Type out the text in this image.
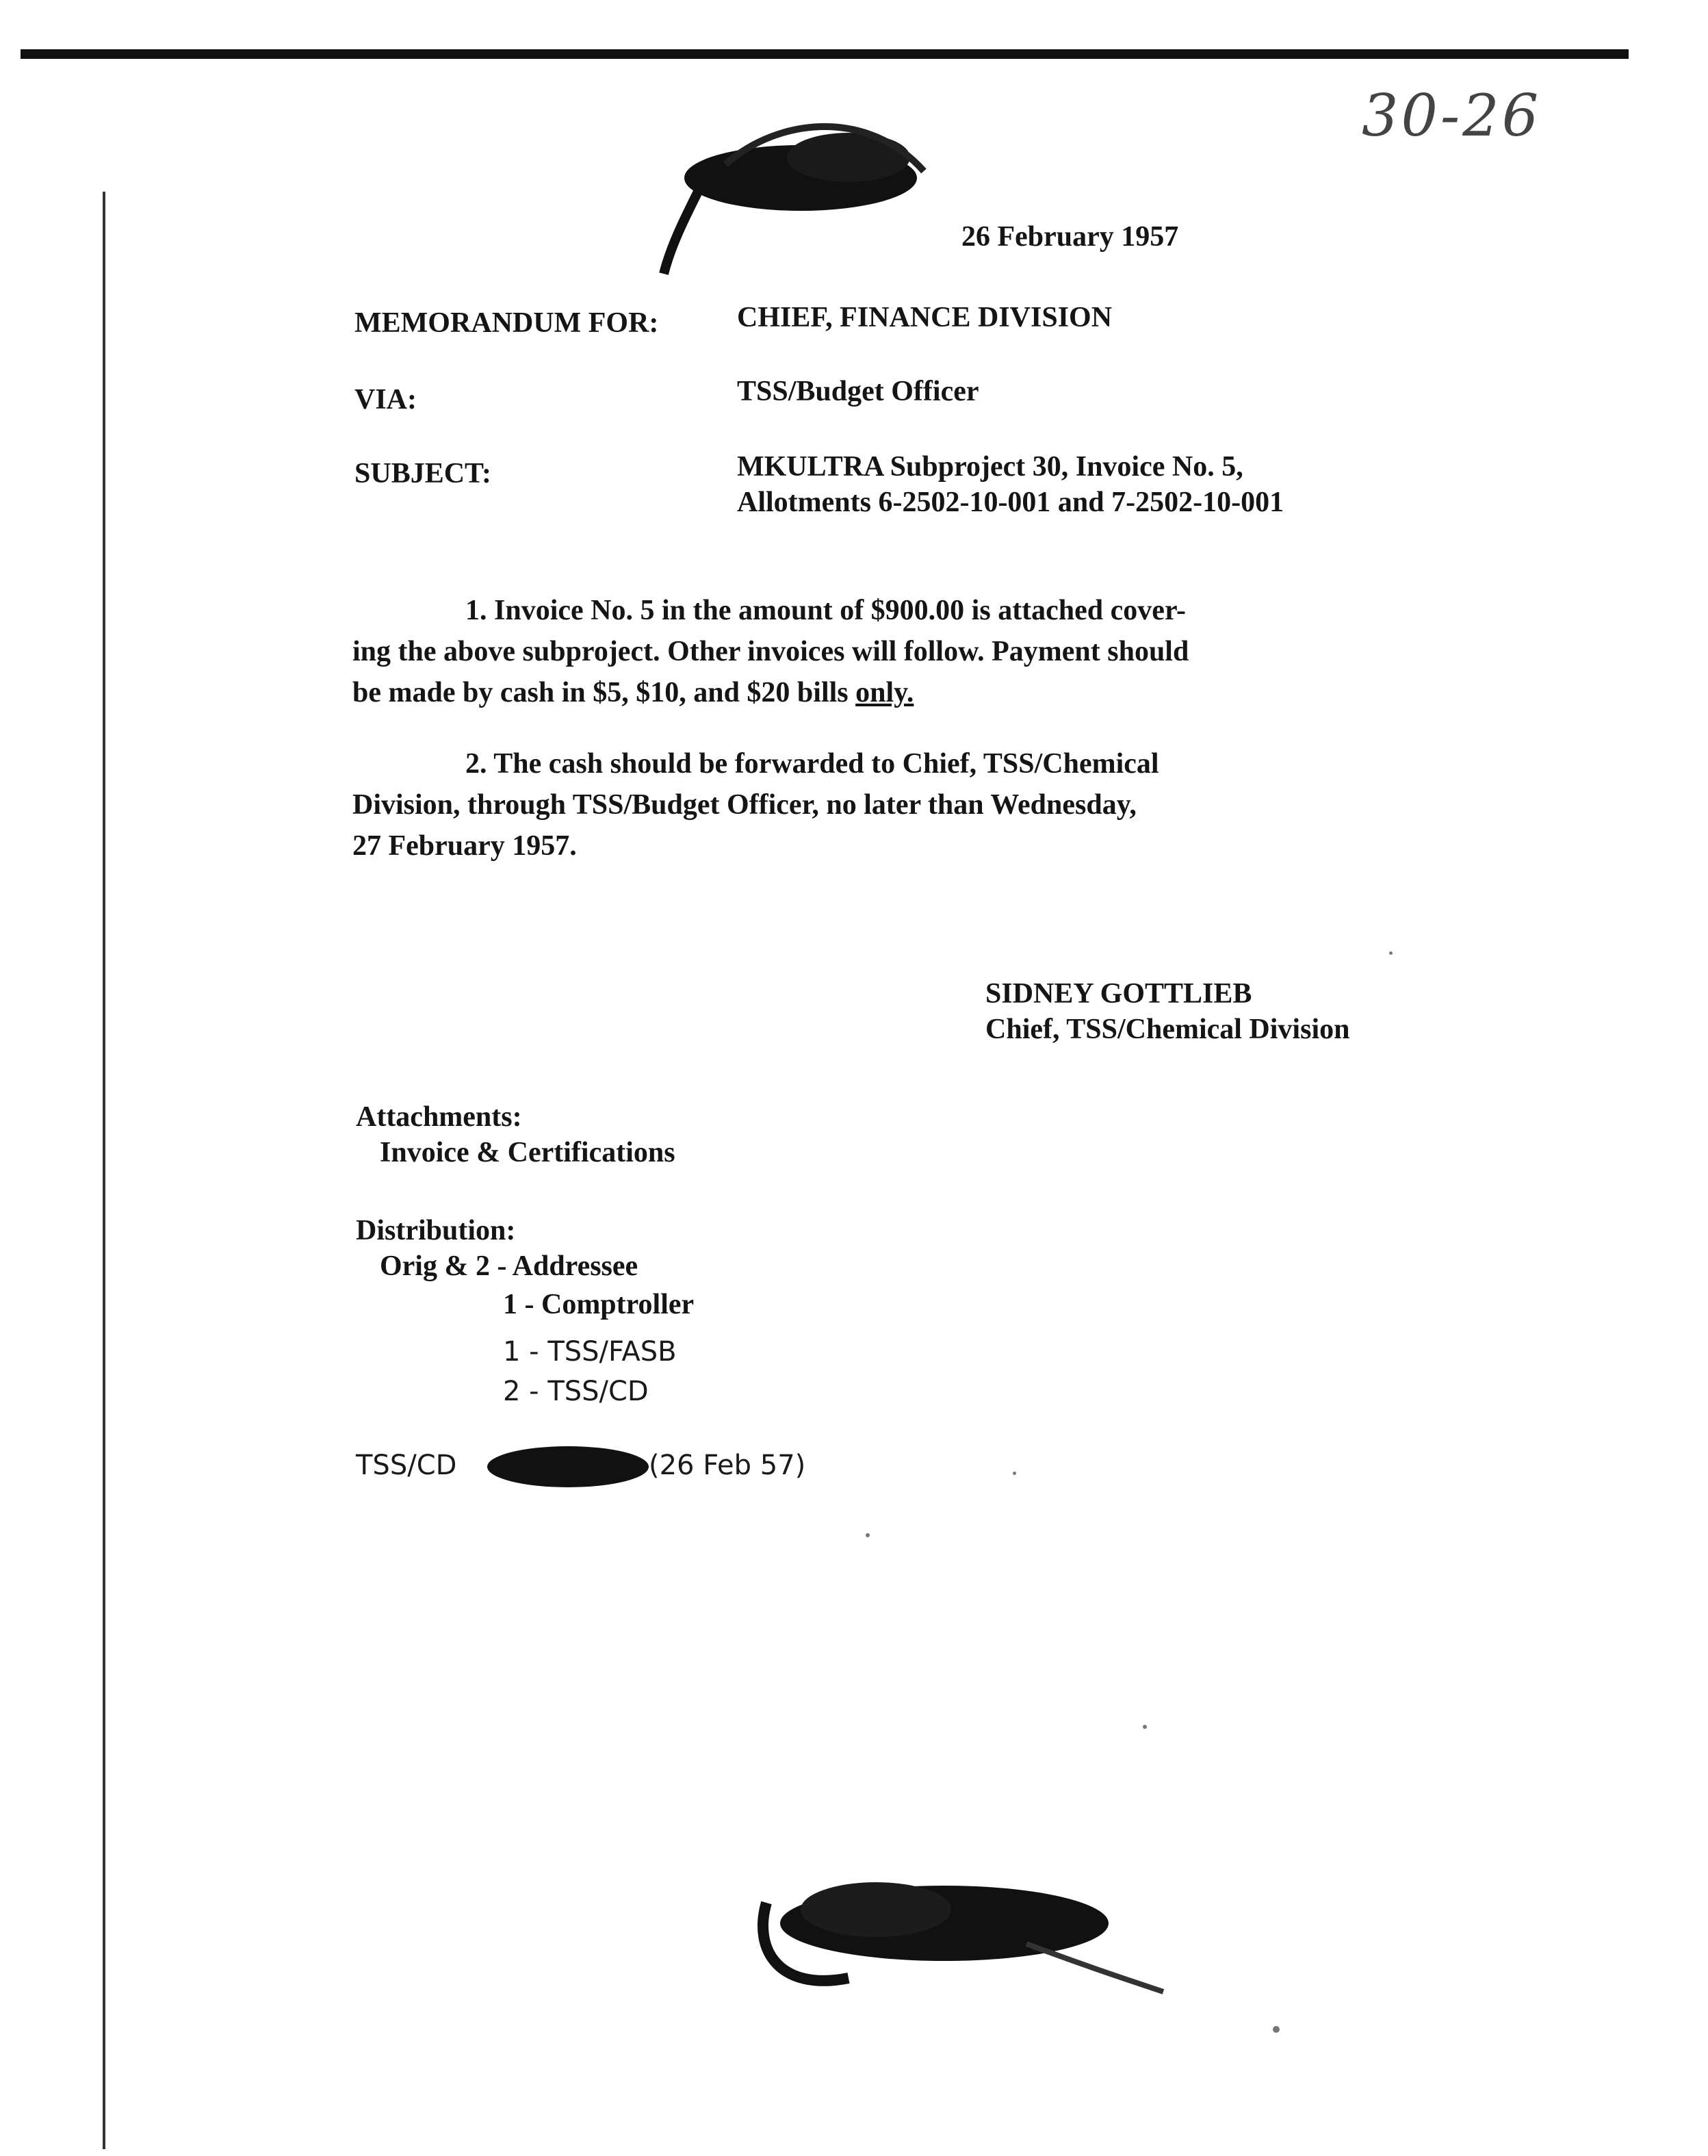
30-26
26 February 1957
MEMORANDUM FOR:	CHIEF, FINANCE DIVISION
VIA:	TSS/Budget Officer
SUBJECT:	MKULTRA Subproject 30, Invoice No. 5,
Allotments 6-2502-10-001 and 7-2502-10-001
1. Invoice No. 5 in the amount of $900.00 is attached cover-
ing the above subproject. Other invoices will follow. Payment should
be made by cash in $5, $10, and $20 bills only.
2. The cash should be forwarded to Chief, TSS/Chemical
Division, through TSS/Budget Officer, no later than Wednesday,
27 February 1957.
SIDNEY GOTTLIEB
Chief, TSS/Chemical Division
Attachments:
Invoice & Certifications
Distribution:
Orig & 2 - Addressee
1 - Comptroller
1 - TSS/FASB
2 - TSS/CD
TSS/CD	(26 Feb 57)
